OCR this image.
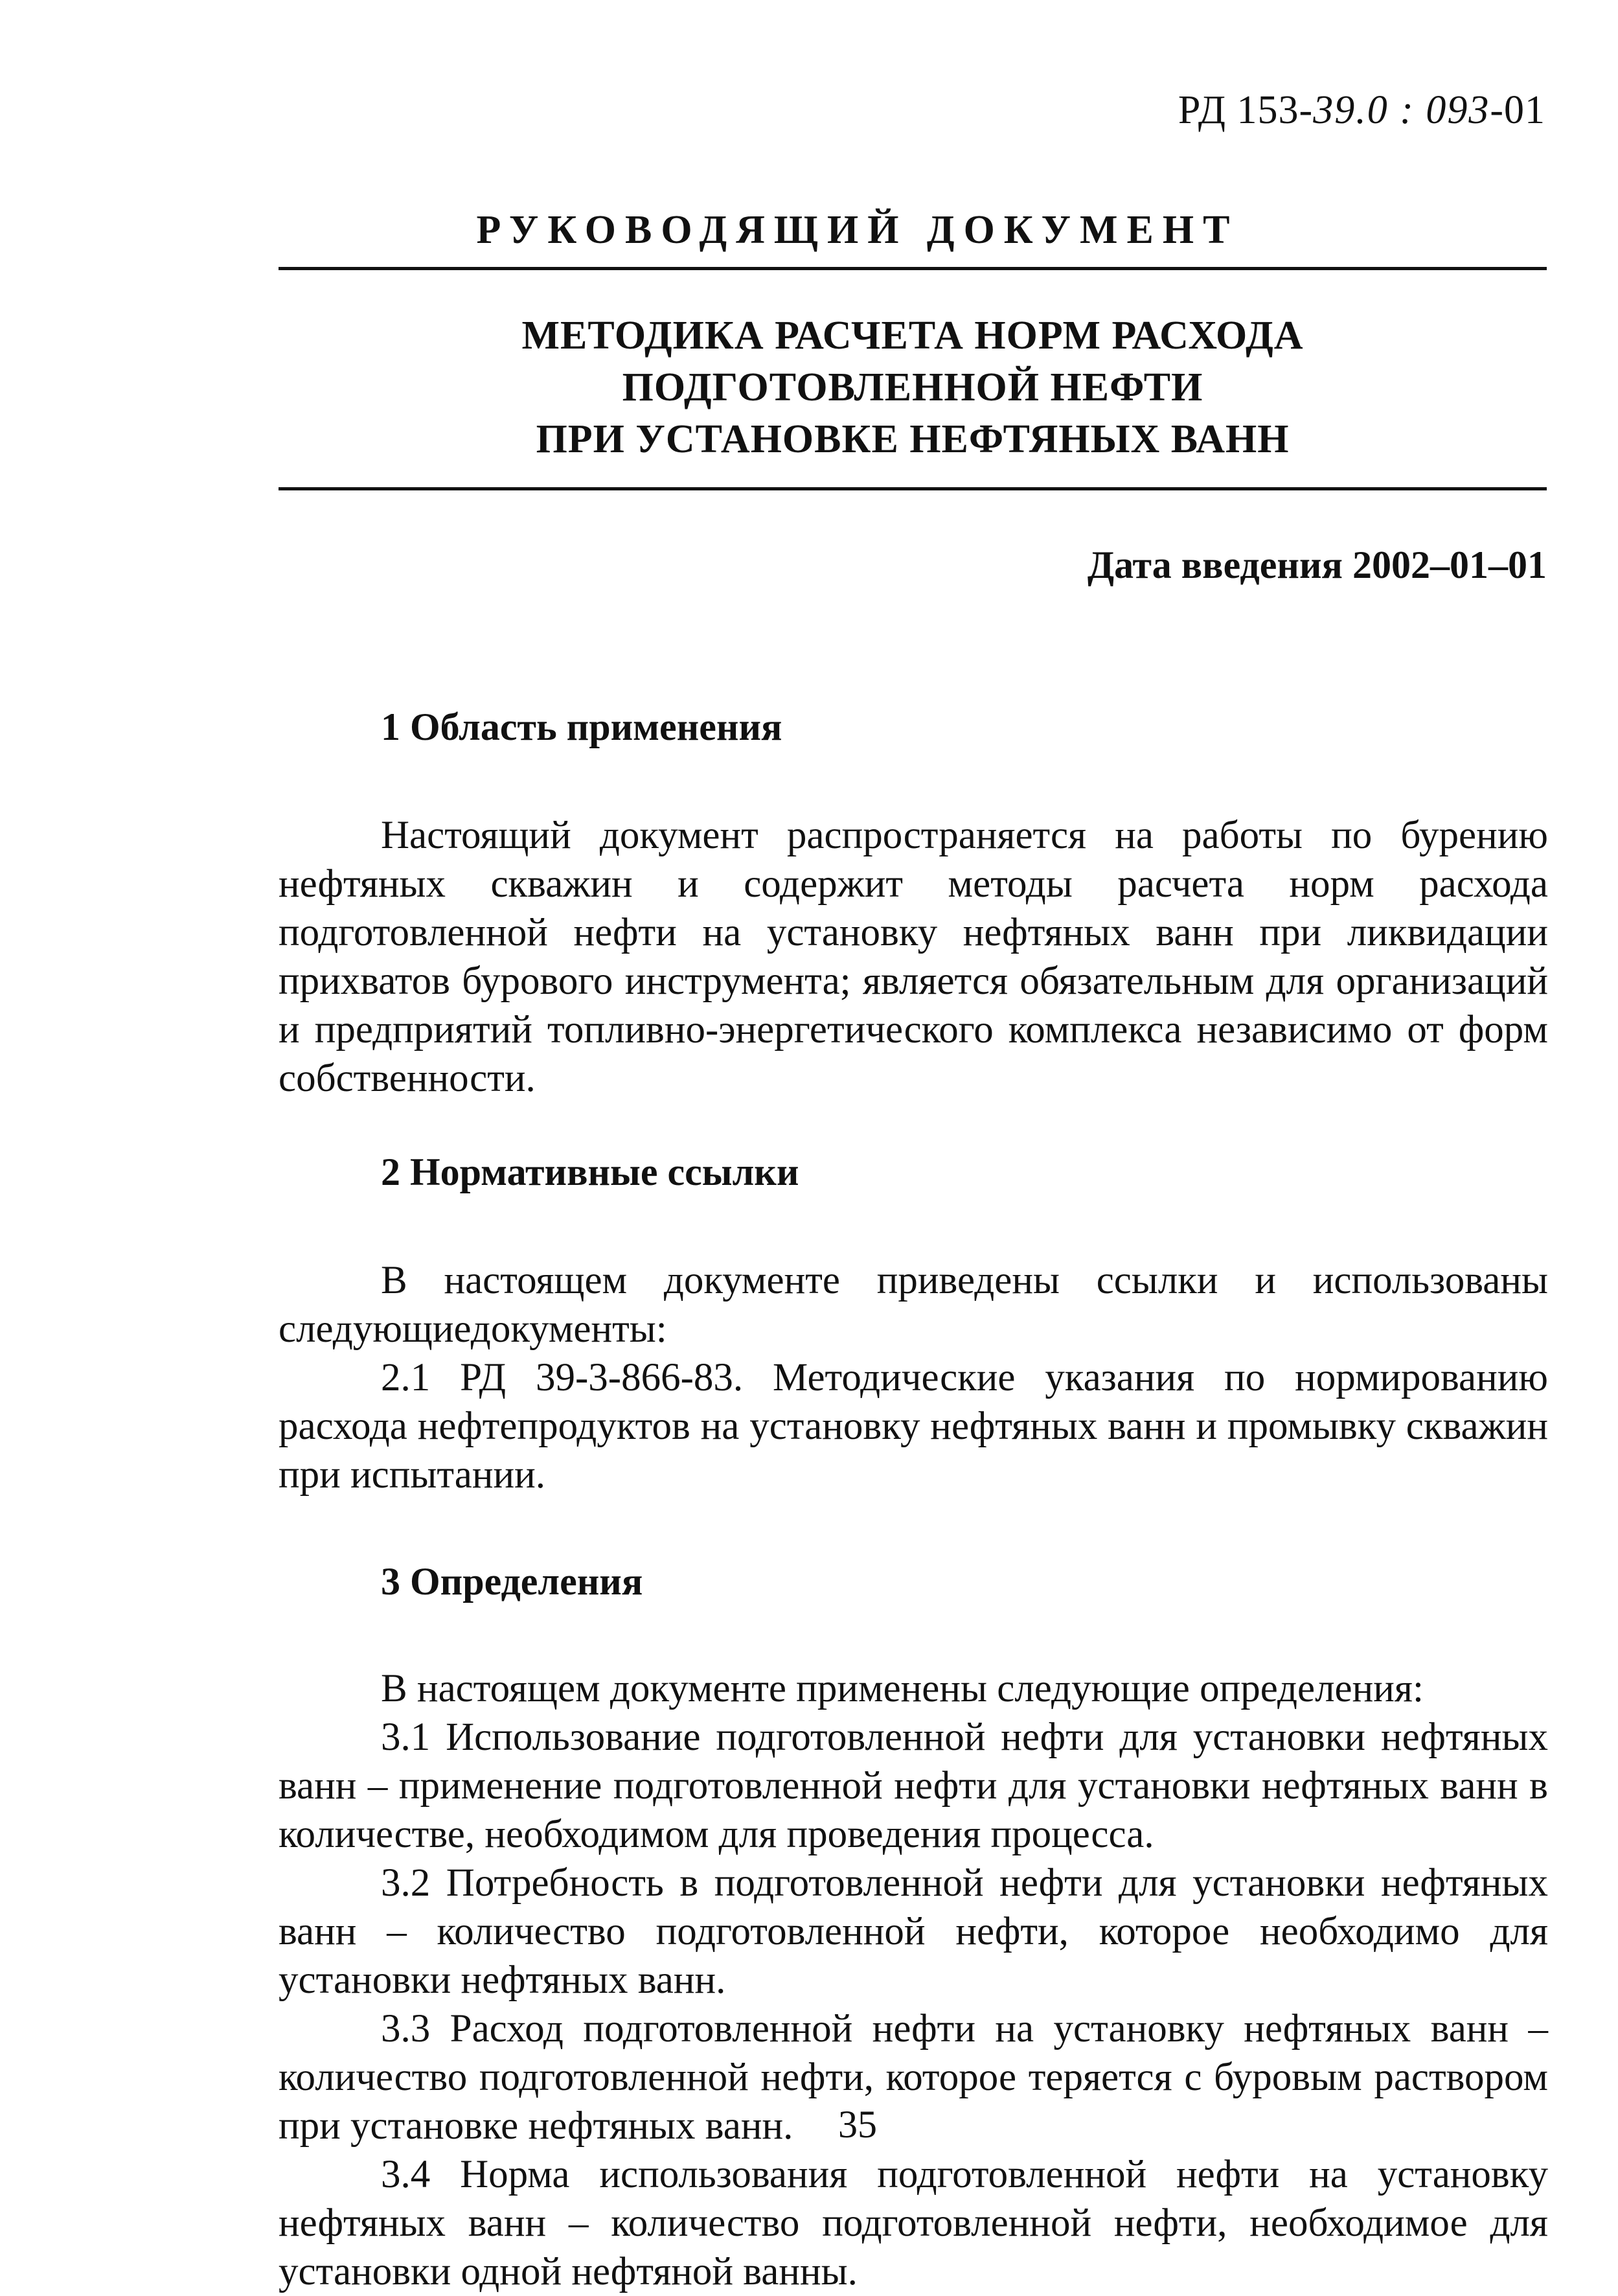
РД 153-39.0 : 093-01
РУКОВОДЯЩИЙ ДОКУМЕНТ
МЕТОДИКА РАСЧЕТА НОРМ РАСХОДА
ПОДГОТОВЛЕННОЙ НЕФТИ
ПРИ УСТАНОВКЕ НЕФТЯНЫХ ВАНН
Дата введения 2002–01–01

1 Область применения

Настоящий документ распространяется на работы по бурению нефтяных скважин и содержит методы расчета норм расхода подготовленной нефти на установку нефтяных ванн при ликвидации прихватов бурового инструмента; является обязательным для организаций и предприятий топливно-энергетического комплекса независимо от форм собственности.

2 Нормативные ссылки

В настоящем документе приведены ссылки и использованы следующиедокументы:

2.1 РД 39-3-866-83. Методические указания по нормированию расхода нефтепродуктов на установку нефтяных ванн и промывку скважин при испытании.

3 Определения

В настоящем документе применены следующие определения:

3.1 Использование подготовленной нефти для установки нефтяных ванн – применение подготовленной нефти для установки нефтяных ванн в количестве, необходимом для проведения процесса.

3.2 Потребность в подготовленной нефти для установки нефтяных ванн – количество подготовленной нефти, которое необходимо для установки нефтяных ванн.

3.3 Расход подготовленной нефти на установку нефтяных ванн –количество подготовленной нефти, которое теряется с буровым раствором при установке нефтяных ванн.

3.4 Норма использования подготовленной нефти на установку нефтяных ванн – количество подготовленной нефти, необходимое для установки одной нефтяной ванны.

35
